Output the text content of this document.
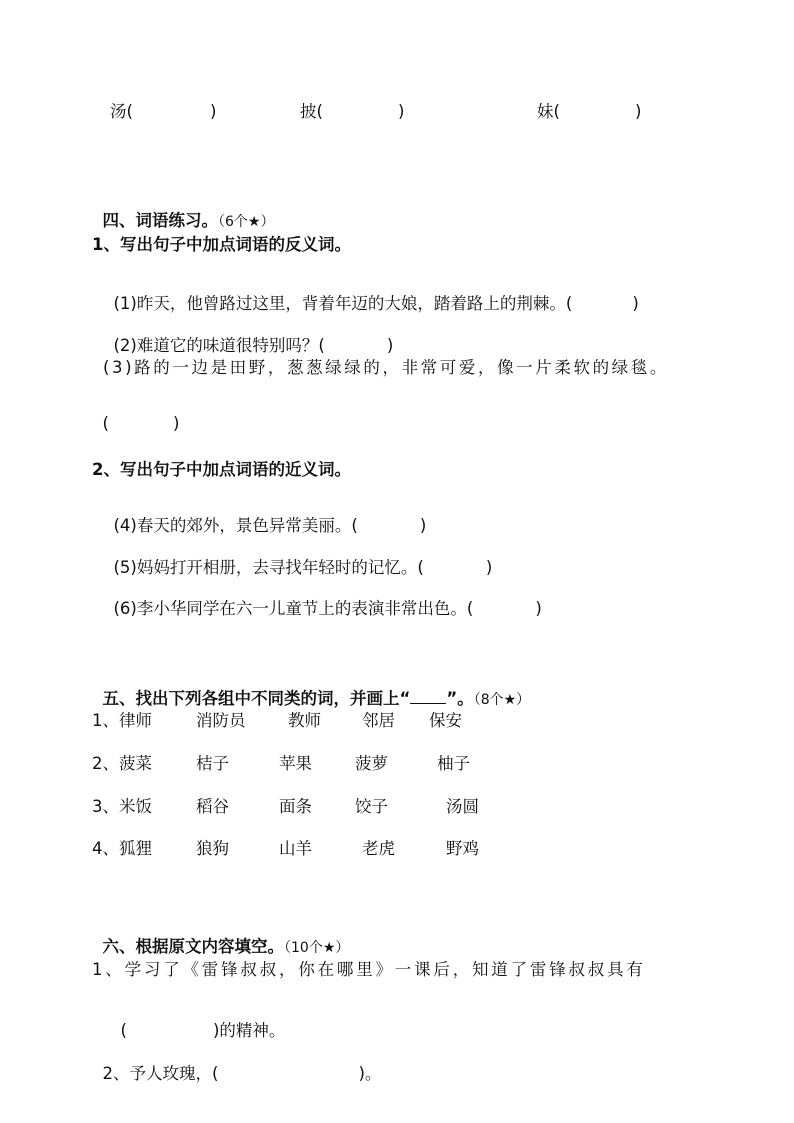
汤(	)	披(	)	妹(	)

四、词语练习。（6个★）

1、写出句子中加点词语的反义词。

(1)昨天，他曾路过这里，背着年迈的大娘，踏着路上的荆棘。(	)

(2)难道它的味道很特别吗？(	)

(3)路的一边是田野，葱葱绿绿的，非常可爱，像一片柔软的绿毯。

(	)

2、写出句子中加点词语的近义词。

(4)春天的郊外，景色异常美丽。(	)

(5)妈妈打开相册，去寻找年轻时的记忆。(	)

(6)李小华同学在六一儿童节上的表演非常出色。(	)

五、找出下列各组中不同类的词，并画上“ ”。（8个★）

1、律师	消防员	教师 邻居 保安
2、菠菜	桔子	苹果	菠萝	柚子
3、米饭	稻谷	面条	饺子	汤圆
4、狐狸	狼狗	山羊	老虎	野鸡

六、根据原文内容填空。（10个★）

1、学习了《雷锋叔叔，你在哪里》一课后，知道了雷锋叔叔具有

(	)的精神。

2、予人玫瑰，(	)。
